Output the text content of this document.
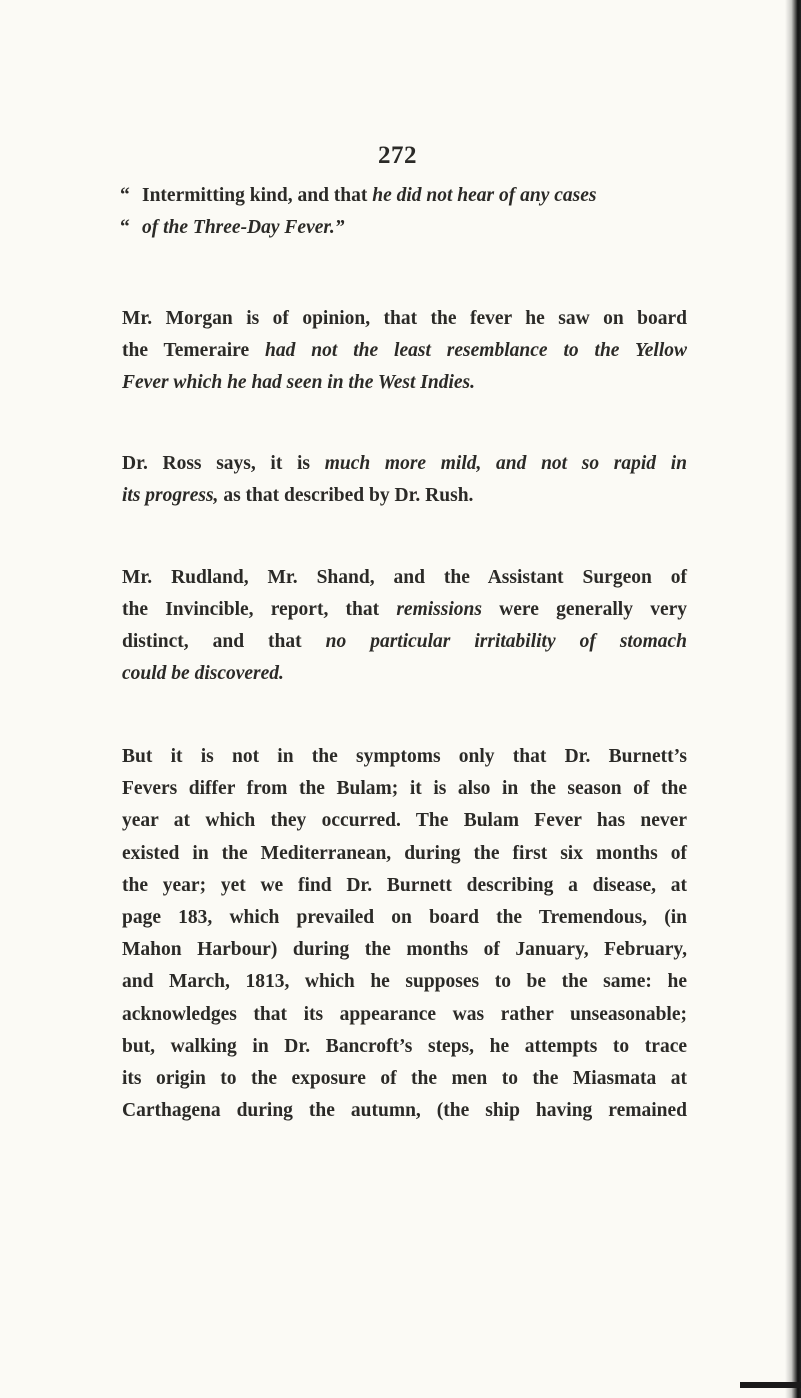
272
“ Intermitting kind, and that he did not hear of any cases
“ of the Three-Day Fever.”
Mr. Morgan is of opinion, that the fever he saw on board
the Temeraire had not the least resemblance to the Yellow
Fever which he had seen in the West Indies.
Dr. Ross says, it is much more mild, and not so rapid in
its progress, as that described by Dr. Rush.
Mr. Rudland, Mr. Shand, and the Assistant Surgeon of
the Invincible, report, that remissions were generally very
distinct, and that no particular irritability of stomach
could be discovered.
But it is not in the symptoms only that Dr. Burnett’s
Fevers differ from the Bulam; it is also in the season of the
year at which they occurred. The Bulam Fever has never
existed in the Mediterranean, during the first six months of
the year; yet we find Dr. Burnett describing a disease, at
page 183, which prevailed on board the Tremendous, (in
Mahon Harbour) during the months of January, February,
and March, 1813, which he supposes to be the same: he
acknowledges that its appearance was rather unseasonable;
but, walking in Dr. Bancroft’s steps, he attempts to trace
its origin to the exposure of the men to the Miasmata at
Carthagena during the autumn, (the ship having remained
